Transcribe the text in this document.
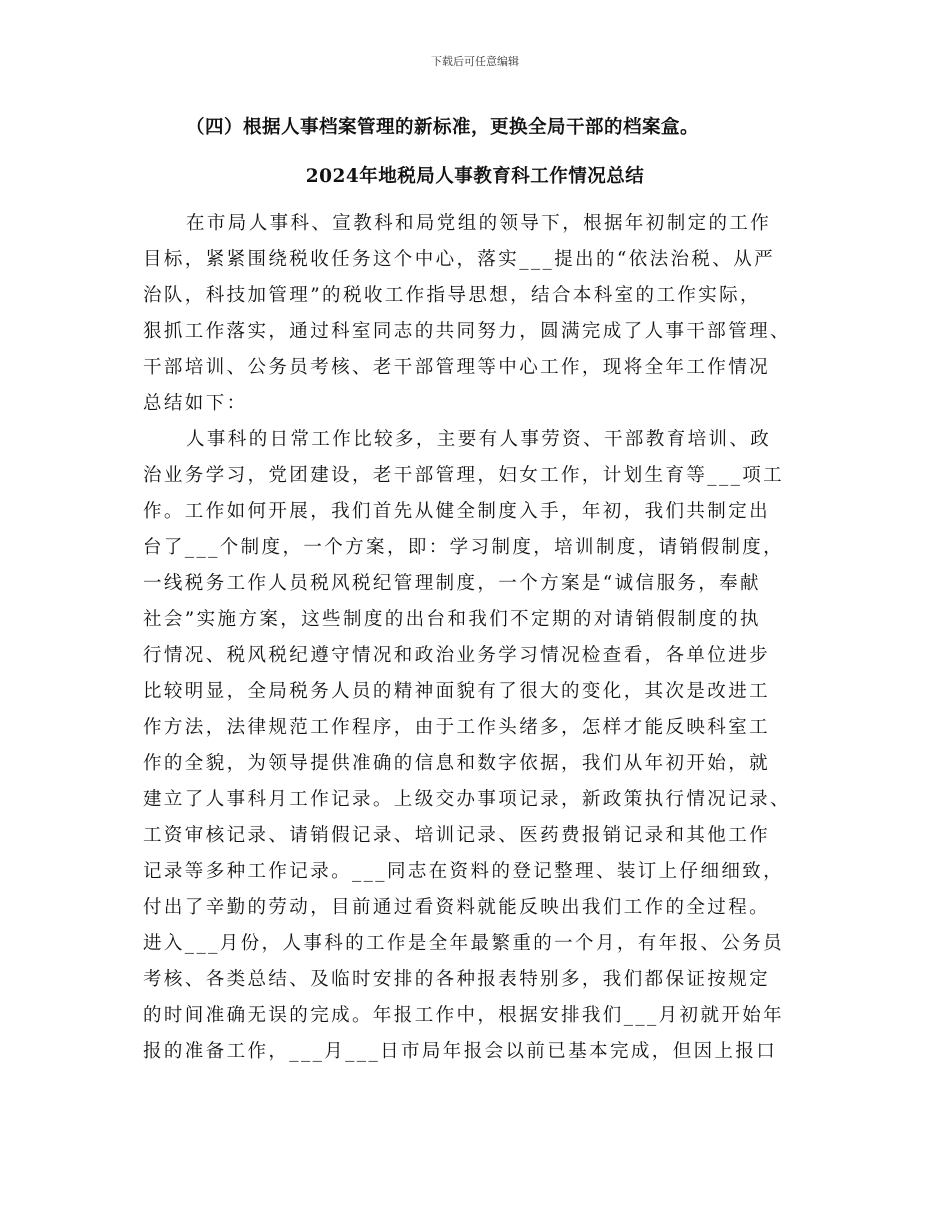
下载后可任意编辑
（四）根据人事档案管理的新标准，更换全局干部的档案盒。
2024年地税局人事教育科工作情况总结
在市局人事科、宣教科和局党组的领导下，根据年初制定的工作
目标，紧紧围绕税收任务这个中心，落实___提出的“依法治税、从严
治队，科技加管理”的税收工作指导思想，结合本科室的工作实际，
狠抓工作落实，通过科室同志的共同努力，圆满完成了人事干部管理、
干部培训、公务员考核、老干部管理等中心工作，现将全年工作情况
总结如下：
人事科的日常工作比较多，主要有人事劳资、干部教育培训、政
治业务学习，党团建设，老干部管理，妇女工作，计划生育等___项工
作。工作如何开展，我们首先从健全制度入手，年初，我们共制定出
台了___个制度，一个方案，即：学习制度，培训制度，请销假制度，
一线税务工作人员税风税纪管理制度，一个方案是“诚信服务，奉献
社会”实施方案，这些制度的出台和我们不定期的对请销假制度的执
行情况、税风税纪遵守情况和政治业务学习情况检查看，各单位进步
比较明显，全局税务人员的精神面貌有了很大的变化，其次是改进工
作方法，法律规范工作程序，由于工作头绪多，怎样才能反映科室工
作的全貌，为领导提供准确的信息和数字依据，我们从年初开始，就
建立了人事科月工作记录。上级交办事项记录，新政策执行情况记录、
工资审核记录、请销假记录、培训记录、医药费报销记录和其他工作
记录等多种工作记录。___同志在资料的登记整理、装订上仔细细致，
付出了辛勤的劳动，目前通过看资料就能反映出我们工作的全过程。
进入___月份，人事科的工作是全年最繁重的一个月，有年报、公务员
考核、各类总结、及临时安排的各种报表特别多，我们都保证按规定
的时间准确无误的完成。年报工作中，根据安排我们___月初就开始年
报的准备工作，___月___日市局年报会以前已基本完成，但因上报口
